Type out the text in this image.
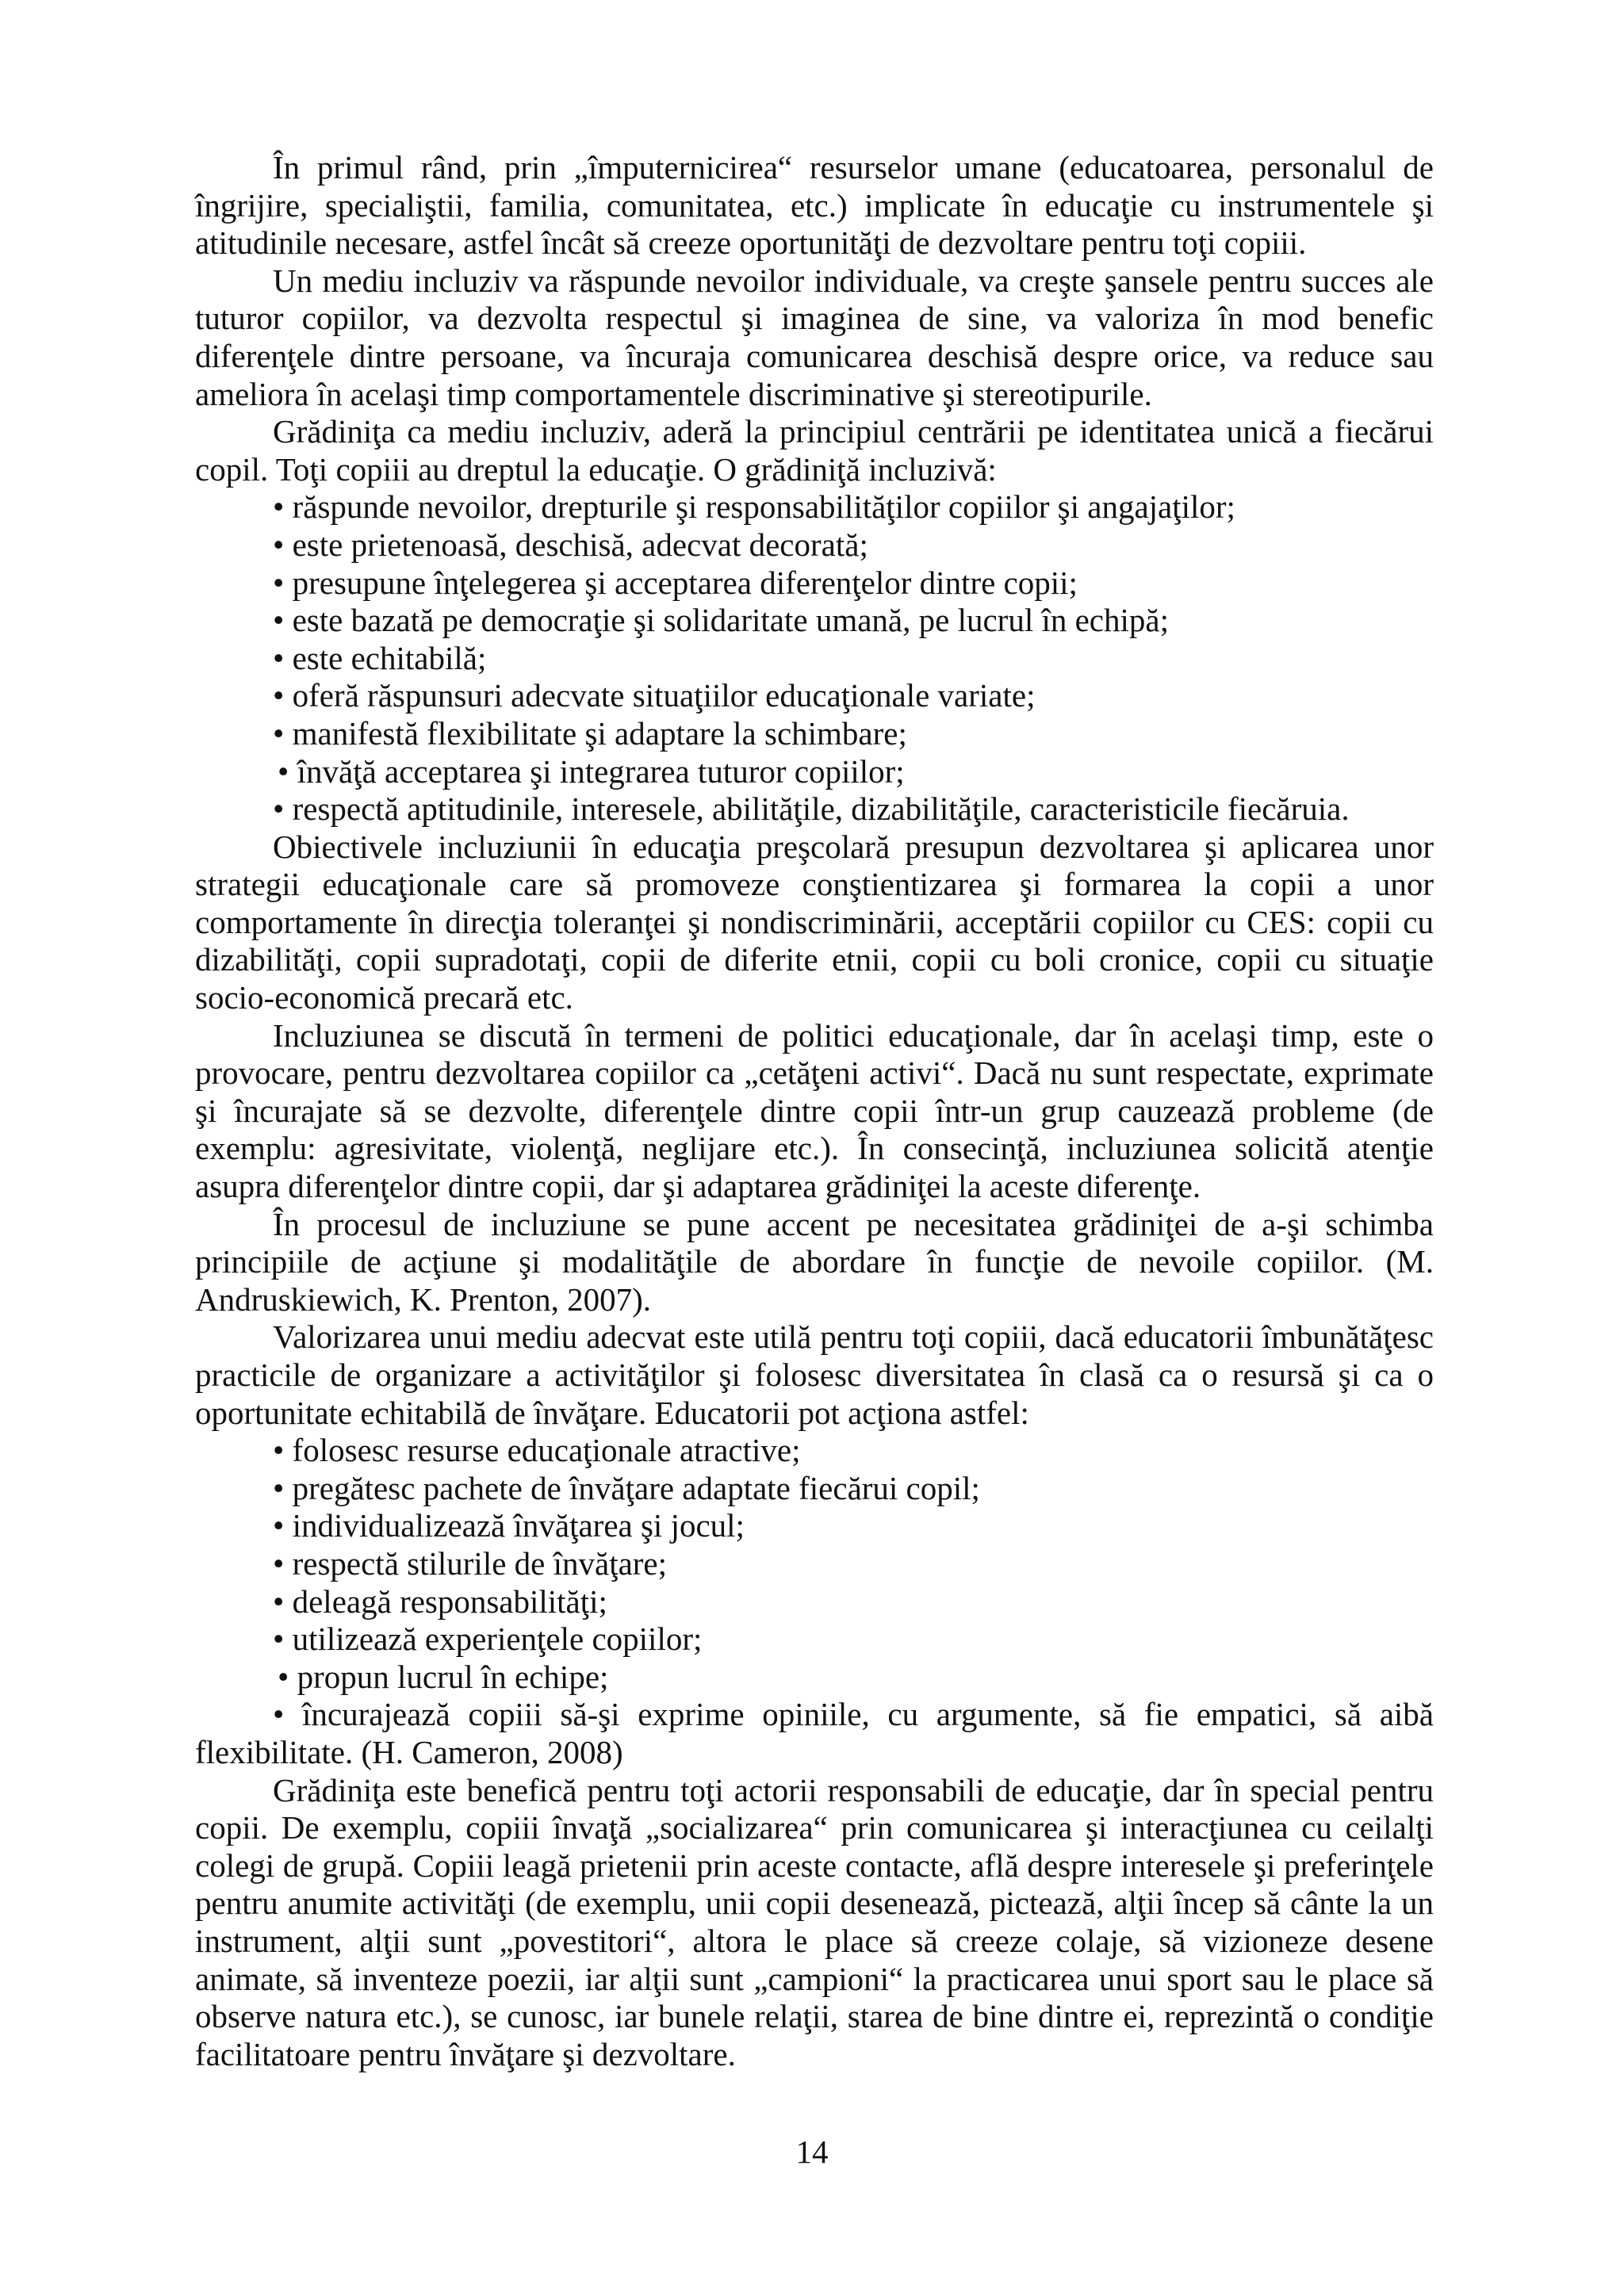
În primul rând, prin „împuternicirea“ resurselor umane (educatoarea, personalul de îngrijire, specialiştii, familia, comunitatea, etc.) implicate în educaţie cu instrumentele şi atitudinile necesare, astfel încât să creeze oportunităţi de dezvoltare pentru toţi copiii.

Un mediu incluziv va răspunde nevoilor individuale, va creşte şansele pentru succes ale tuturor copiilor, va dezvolta respectul şi imaginea de sine, va valoriza în mod benefic diferenţele dintre persoane, va încuraja comunicarea deschisă despre orice, va reduce sau ameliora în acelaşi timp comportamentele discriminative şi stereotipurile.

Grădiniţa ca mediu incluziv, aderă la principiul centrării pe identitatea unică a fiecărui copil. Toţi copiii au dreptul la educaţie. O grădiniţă incluzivă:

• răspunde nevoilor, drepturile şi responsabilităţilor copiilor şi angajaţilor;
• este prietenoasă, deschisă, adecvat decorată;
• presupune înţelegerea şi acceptarea diferenţelor dintre copii;
• este bazată pe democraţie şi solidaritate umană, pe lucrul în echipă;
• este echitabilă;
• oferă răspunsuri adecvate situaţiilor educaţionale variate;
• manifestă flexibilitate şi adaptare la schimbare;
• învăţă acceptarea şi integrarea tuturor copiilor;
• respectă aptitudinile, interesele, abilităţile, dizabilităţile, caracteristicile fiecăruia.

Obiectivele incluziunii în educaţia preşcolară presupun dezvoltarea şi aplicarea unor strategii educaţionale care să promoveze conştientizarea şi formarea la copii a unor comportamente în direcţia toleranţei şi nondiscriminării, acceptării copiilor cu CES: copii cu dizabilităţi, copii supradotaţi, copii de diferite etnii, copii cu boli cronice, copii cu situaţie socio-economică precară etc.

Incluziunea se discută în termeni de politici educaţionale, dar în acelaşi timp, este o provocare, pentru dezvoltarea copiilor ca „cetăţeni activi“. Dacă nu sunt respectate, exprimate şi încurajate să se dezvolte, diferenţele dintre copii într-un grup cauzează probleme (de exemplu: agresivitate, violenţă, neglijare etc.). În consecinţă, incluziunea solicită atenţie asupra diferenţelor dintre copii, dar şi adaptarea grădiniţei la aceste diferenţe.

În procesul de incluziune se pune accent pe necesitatea grădiniţei de a-şi schimba principiile de acţiune şi modalităţile de abordare în funcţie de nevoile copiilor. (M. Andruskiewich, K. Prenton, 2007).

Valorizarea unui mediu adecvat este utilă pentru toţi copiii, dacă educatorii îmbunătăţesc practicile de organizare a activităţilor şi folosesc diversitatea în clasă ca o resursă şi ca o oportunitate echitabilă de învăţare. Educatorii pot acţiona astfel:

• folosesc resurse educaţionale atractive;
• pregătesc pachete de învăţare adaptate fiecărui copil;
• individualizează învăţarea şi jocul;
• respectă stilurile de învăţare;
• deleagă responsabilităţi;
• utilizează experienţele copiilor;
• propun lucrul în echipe;

• încurajează copiii să-şi exprime opiniile, cu argumente, să fie empatici, să aibă flexibilitate. (H. Cameron, 2008)

Grădiniţa este benefică pentru toţi actorii responsabili de educaţie, dar în special pentru copii. De exemplu, copiii învaţă „socializarea“ prin comunicarea şi interacţiunea cu ceilalţi colegi de grupă. Copiii leagă prietenii prin aceste contacte, află despre interesele şi preferinţele pentru anumite activităţi (de exemplu, unii copii desenează, pictează, alţii încep să cânte la un instrument, alţii sunt „povestitori“, altora le place să creeze colaje, să vizioneze desene animate, să inventeze poezii, iar alţii sunt „campioni“ la practicarea unui sport sau le place să observe natura etc.), se cunosc, iar bunele relaţii, starea de bine dintre ei, reprezintă o condiţie facilitatoare pentru învăţare şi dezvoltare.

14
